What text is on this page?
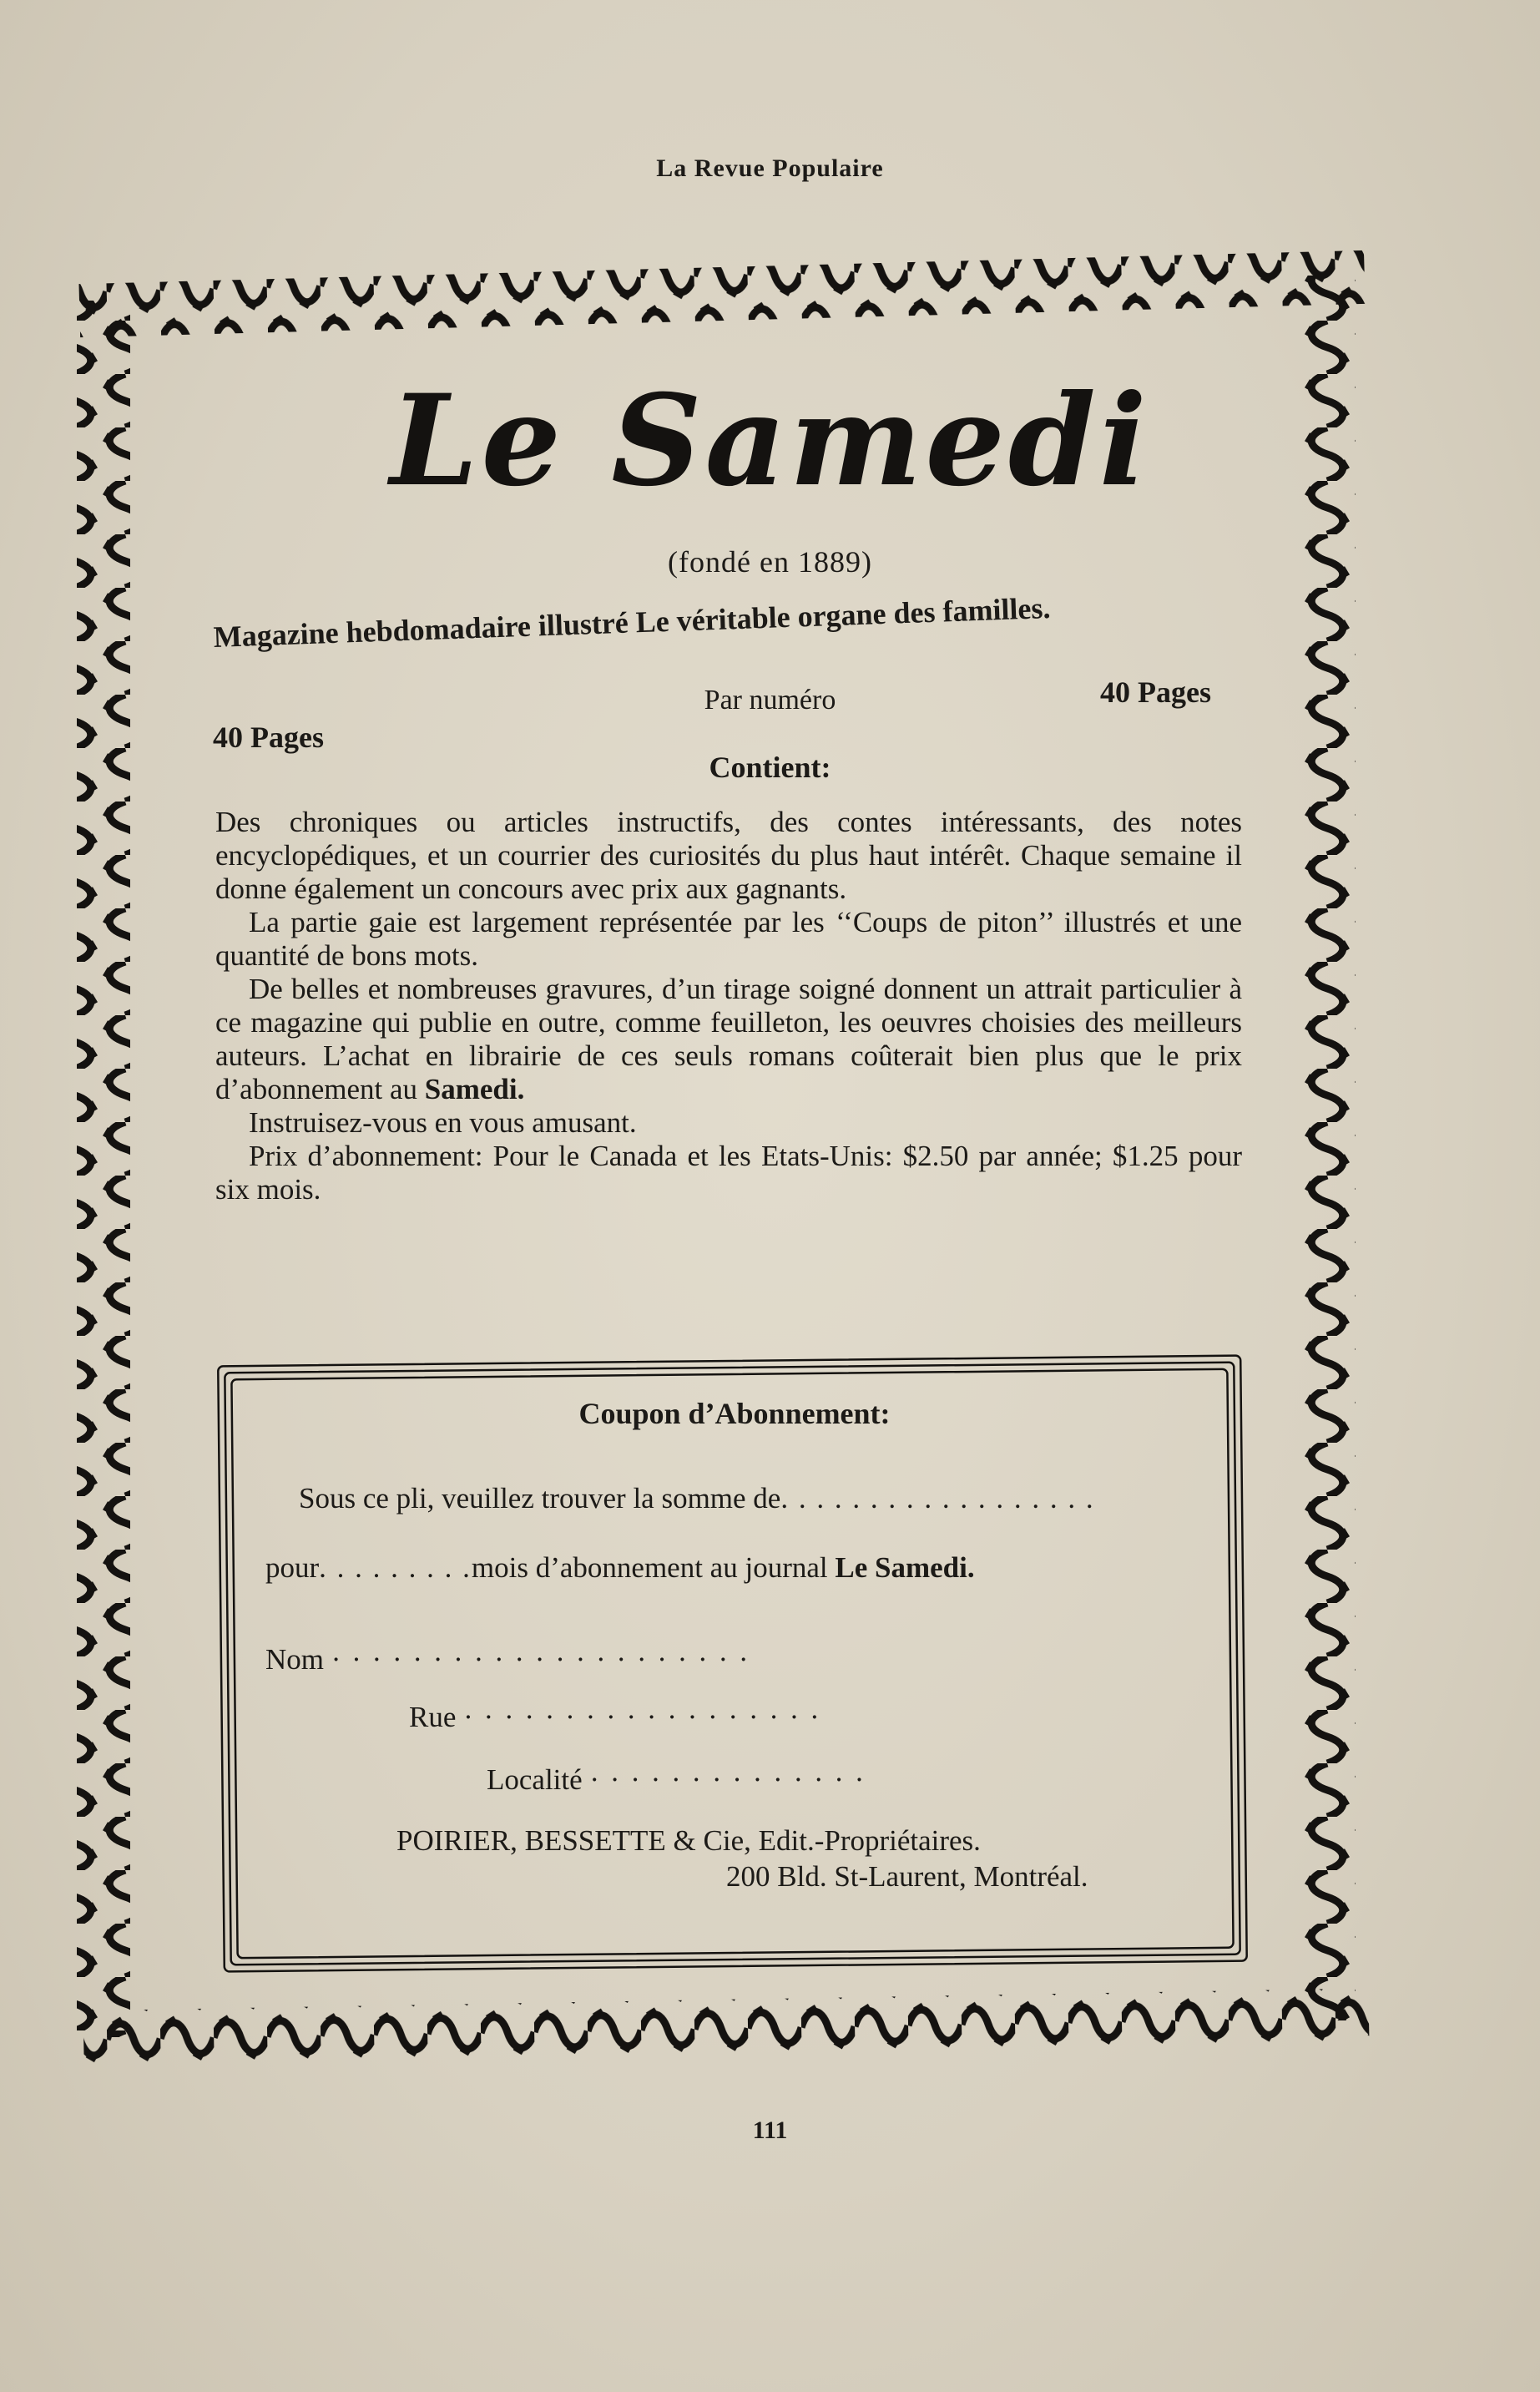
La Revue Populaire
Le Samedi
(fondé en 1889)
Magazine hebdomadaire illustré Le véritable organe des familles.
40 Pages
Par numéro	40 Pages
Contient:

Des chroniques ou articles instructifs, des contes intéressants, des notes encyclopédiques, et un courrier des curiosités du plus haut intérêt. Chaque semaine il donne également un concours avec prix aux gagnants.

La partie gaie est largement représentée par les ‘‘Coups de piton’’ illustrés et une quantité de bons mots.

De belles et nombreuses gravures, d’un tirage soigné donnent un attrait particulier à ce magazine qui publie en outre, comme feuilleton, les oeuvres choisies des meilleurs auteurs. L’achat en librairie de ces seuls romans coûterait bien plus que le prix d’abonnement au Samedi.

Instruisez-vous en vous amusant.

Prix d’abonnement: Pour le Canada et les Etats-Unis: $2.50 par année; $1.25 pour six mois.

Coupon d’Abonnement:
Sous ce pli, veuillez trouver la somme de. . . . . . . . . . . . . . . . . .
pour. . . . . . . . .mois d’abonnement au journal Le Samedi.
Nom · · · · · · · · · · · · · · · · · · · · ·
Rue · · · · · · · · · · · · · · · · · ·
Localité · · · · · · · · · · · · · ·
POIRIER, BESSETTE & Cie, Edit.-Propriétaires.
200 Bld. St-Laurent, Montréal.
111
